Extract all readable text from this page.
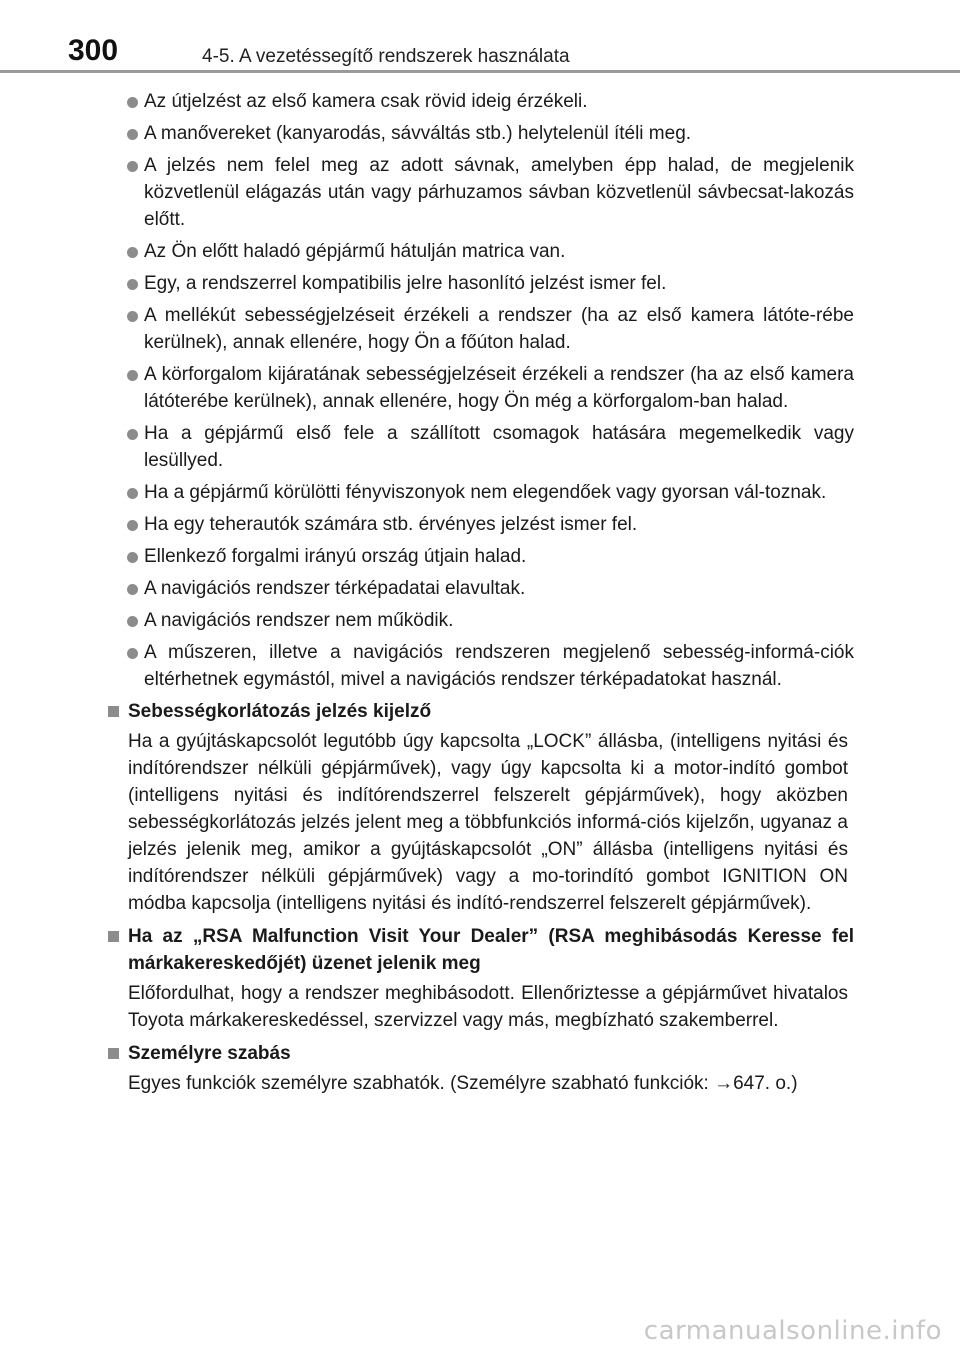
300	4-5. A vezetéssegítő rendszerek használata
Az útjelzést az első kamera csak rövid ideig érzékeli.
A manővereket (kanyarodás, sávváltás stb.) helytelenül ítéli meg.
A jelzés nem felel meg az adott sávnak, amelyben épp halad, de megjelenik közvetlenül elágazás után vagy párhuzamos sávban közvetlenül sávbecsat-lakozás előtt.
Az Ön előtt haladó gépjármű hátulján matrica van.
Egy, a rendszerrel kompatibilis jelre hasonlító jelzést ismer fel.
A mellékút sebességjelzéseit érzékeli a rendszer (ha az első kamera látóte-rébe kerülnek), annak ellenére, hogy Ön a főúton halad.
A körforgalom kijáratának sebességjelzéseit érzékeli a rendszer (ha az első kamera látóterébe kerülnek), annak ellenére, hogy Ön még a körforgalom-ban halad.
Ha a gépjármű első fele a szállított csomagok hatására megemelkedik vagy lesüllyed.
Ha a gépjármű körülötti fényviszonyok nem elegendőek vagy gyorsan vál-toznak.
Ha egy teherautók számára stb. érvényes jelzést ismer fel.
Ellenkező forgalmi irányú ország útjain halad.
A navigációs rendszer térképadatai elavultak.
A navigációs rendszer nem működik.
A műszeren, illetve a navigációs rendszeren megjelenő sebesség-informá-ciók eltérhetnek egymástól, mivel a navigációs rendszer térképadatokat használ.
Sebességkorlátozás jelzés kijelző
Ha a gyújtáskapcsolót legutóbb úgy kapcsolta „LOCK” állásba, (intelligens nyitási és indítórendszer nélküli gépjárművek), vagy úgy kapcsolta ki a motor-indító gombot (intelligens nyitási és indítórendszerrel felszerelt gépjárművek), hogy aközben sebességkorlátozás jelzés jelent meg a többfunkciós informá-ciós kijelzőn, ugyanaz a jelzés jelenik meg, amikor a gyújtáskapcsolót „ON” állásba (intelligens nyitási és indítórendszer nélküli gépjárművek) vagy a mo-torindító gombot IGNITION ON módba kapcsolja (intelligens nyitási és indító-rendszerrel felszerelt gépjárművek).
Ha az „RSA Malfunction Visit Your Dealer” (RSA meghibásodás Keresse fel márkakereskedőjét) üzenet jelenik meg
Előfordulhat, hogy a rendszer meghibásodott. Ellenőriztesse a gépjárművet hivatalos Toyota márkakereskedéssel, szervizzel vagy más, megbízható szakemberrel.
Személyre szabás
Egyes funkciók személyre szabhatók. (Személyre szabható funkciók: →647. o.)
carmanualsonline.info
